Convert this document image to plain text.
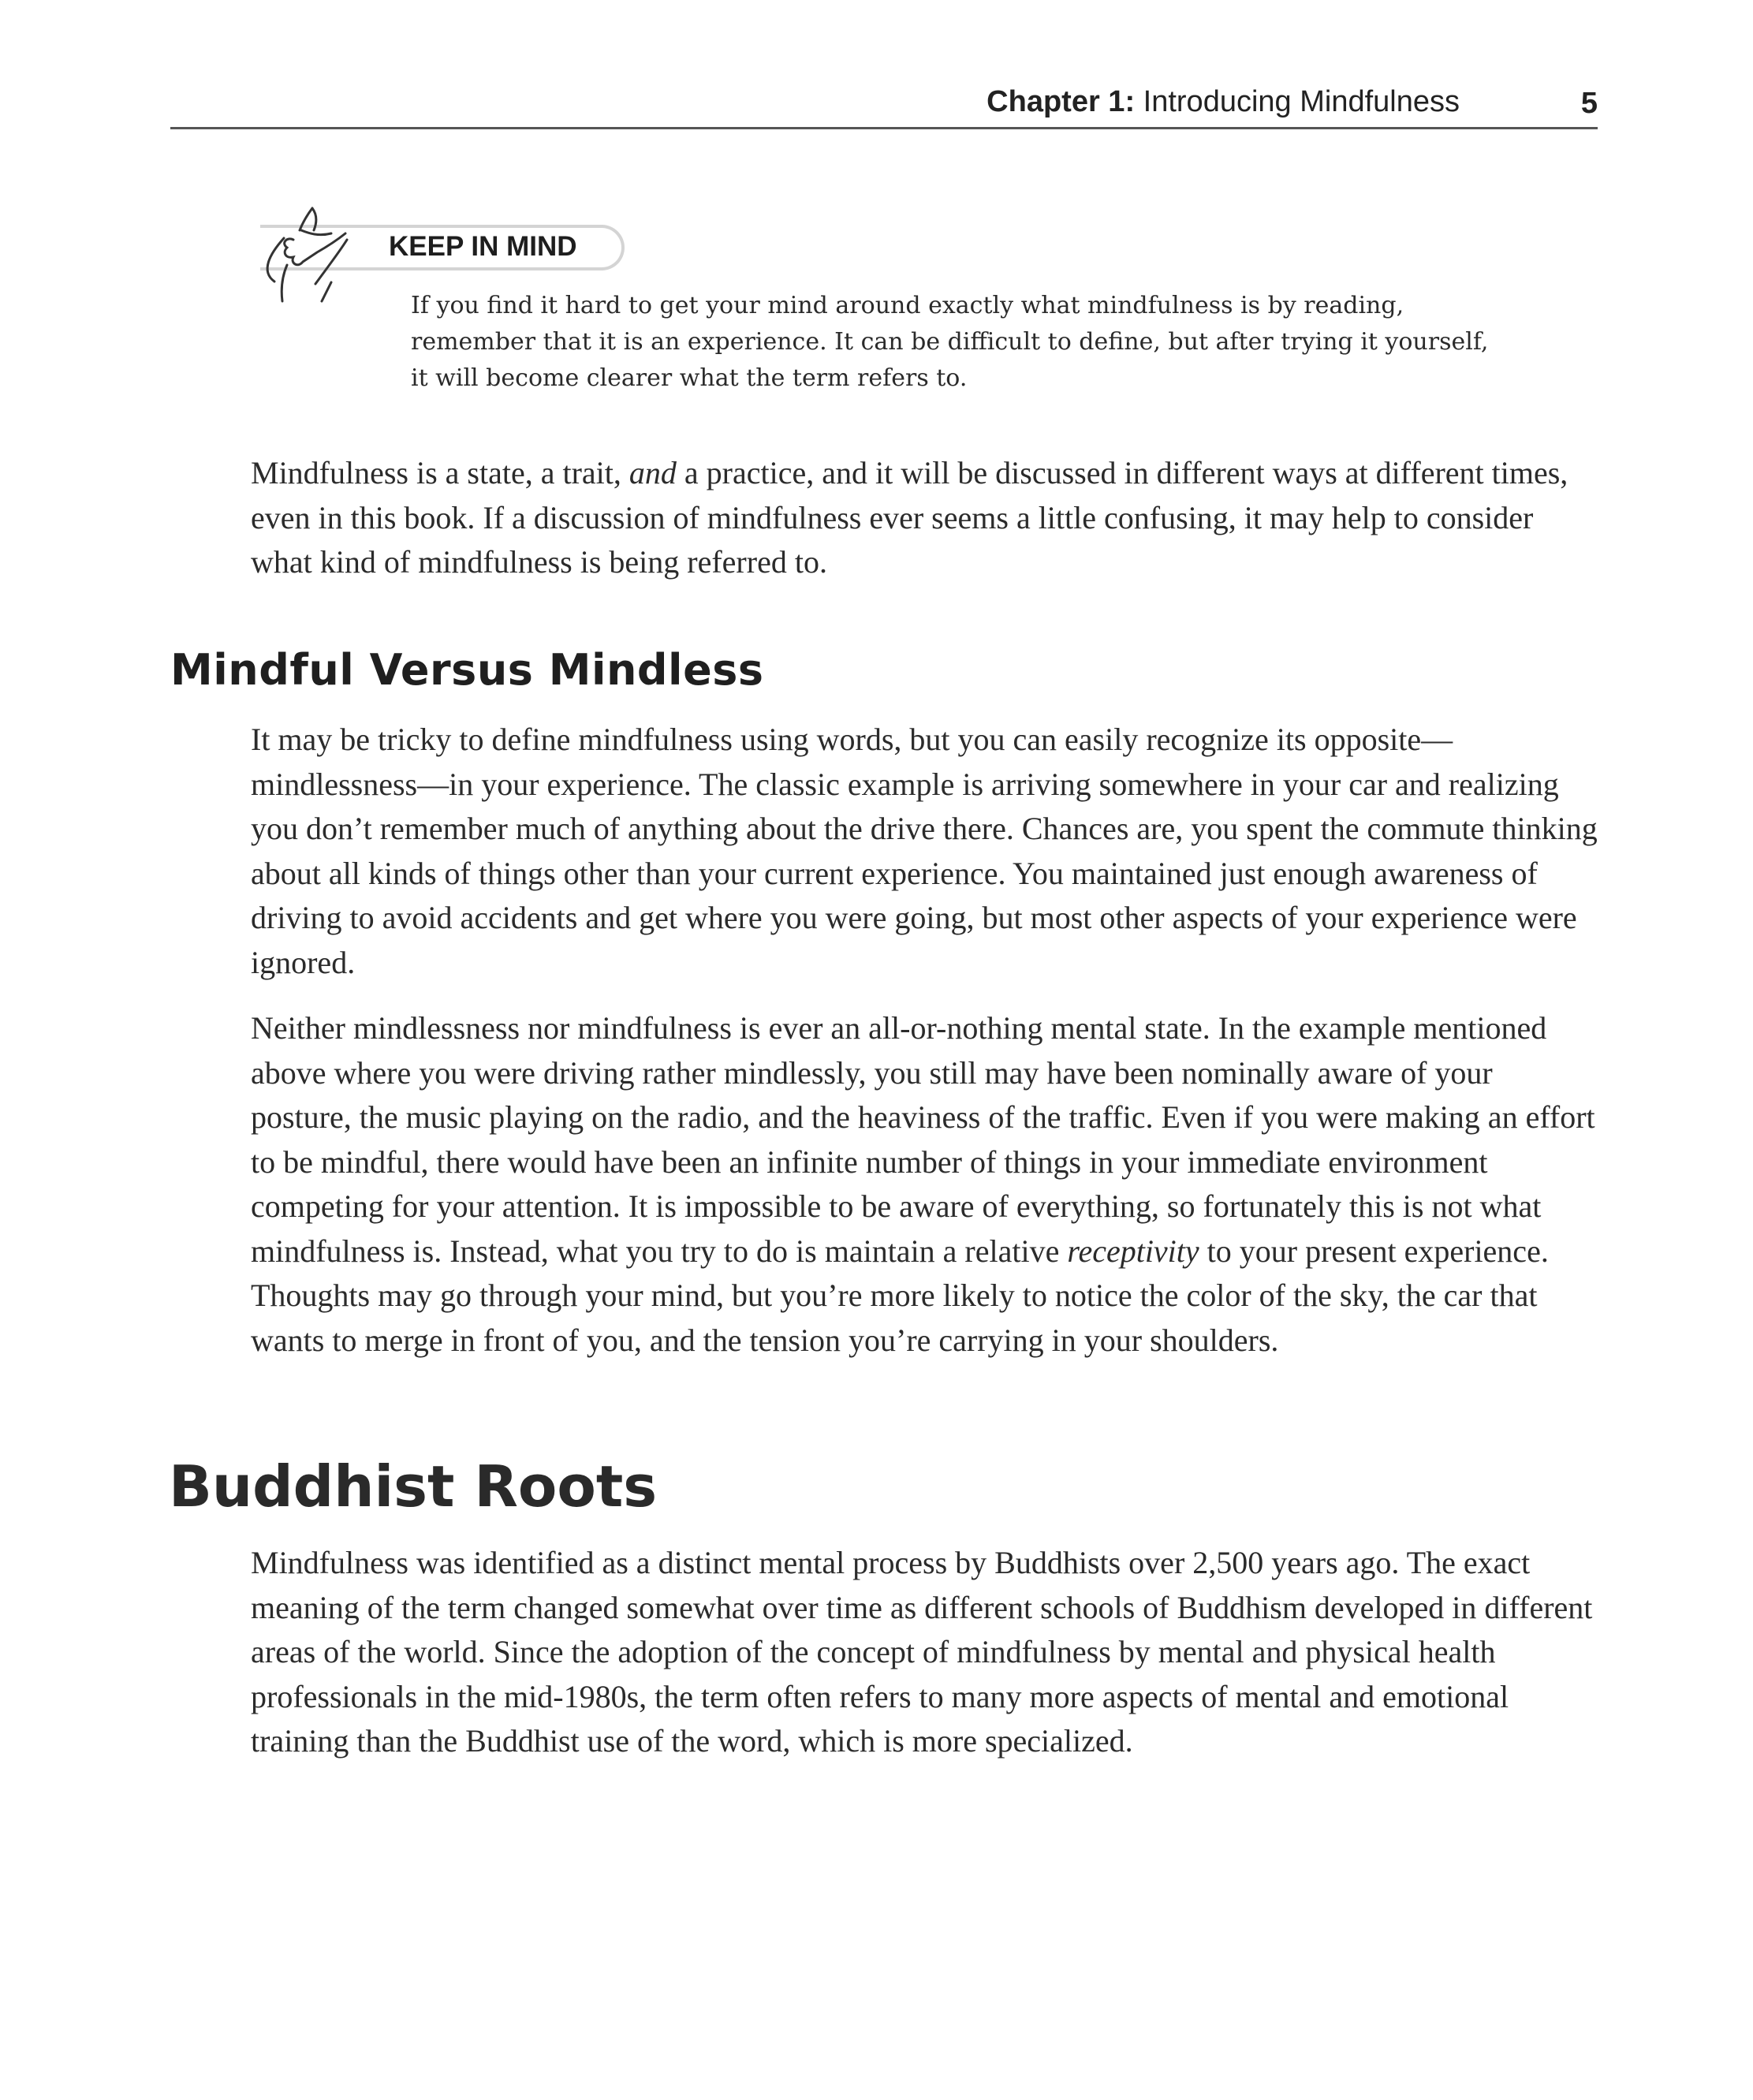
Chapter 1: Introducing Mindfulness	5
KEEP IN MIND

If you find it hard to get your mind around exactly what mindfulness is by reading, remember that it is an experience. It can be difficult to define, but after trying it yourself, it will become clearer what the term refers to.

Mindfulness is a state, a trait, and a practice, and it will be discussed in different ways at different times, even in this book. If a discussion of mindfulness ever seems a little confusing, it may help to consider what kind of mindfulness is being referred to.

Mindful Versus Mindless

It may be tricky to define mindfulness using words, but you can easily recognize its opposite—mindlessness—in your experience. The classic example is arriving somewhere in your car and realizing you don’t remember much of anything about the drive there. Chances are, you spent the commute thinking about all kinds of things other than your current experience. You maintained just enough awareness of driving to avoid accidents and get where you were going, but most other aspects of your experience were ignored.

Neither mindlessness nor mindfulness is ever an all-or-nothing mental state. In the example mentioned above where you were driving rather mindlessly, you still may have been nominally aware of your posture, the music playing on the radio, and the heaviness of the traffic. Even if you were making an effort to be mindful, there would have been an infinite number of things in your immediate environment competing for your attention. It is impossible to be aware of everything, so fortunately this is not what mindfulness is. Instead, what you try to do is maintain a relative receptivity to your present experience. Thoughts may go through your mind, but you’re more likely to notice the color of the sky, the car that wants to merge in front of you, and the tension you’re carrying in your shoulders.

Buddhist Roots

Mindfulness was identified as a distinct mental process by Buddhists over 2,500 years ago. The exact meaning of the term changed somewhat over time as different schools of Buddhism developed in different areas of the world. Since the adoption of the concept of mindfulness by mental and physical health professionals in the mid-1980s, the term often refers to many more aspects of mental and emotional training than the Buddhist use of the word, which is more specialized.
